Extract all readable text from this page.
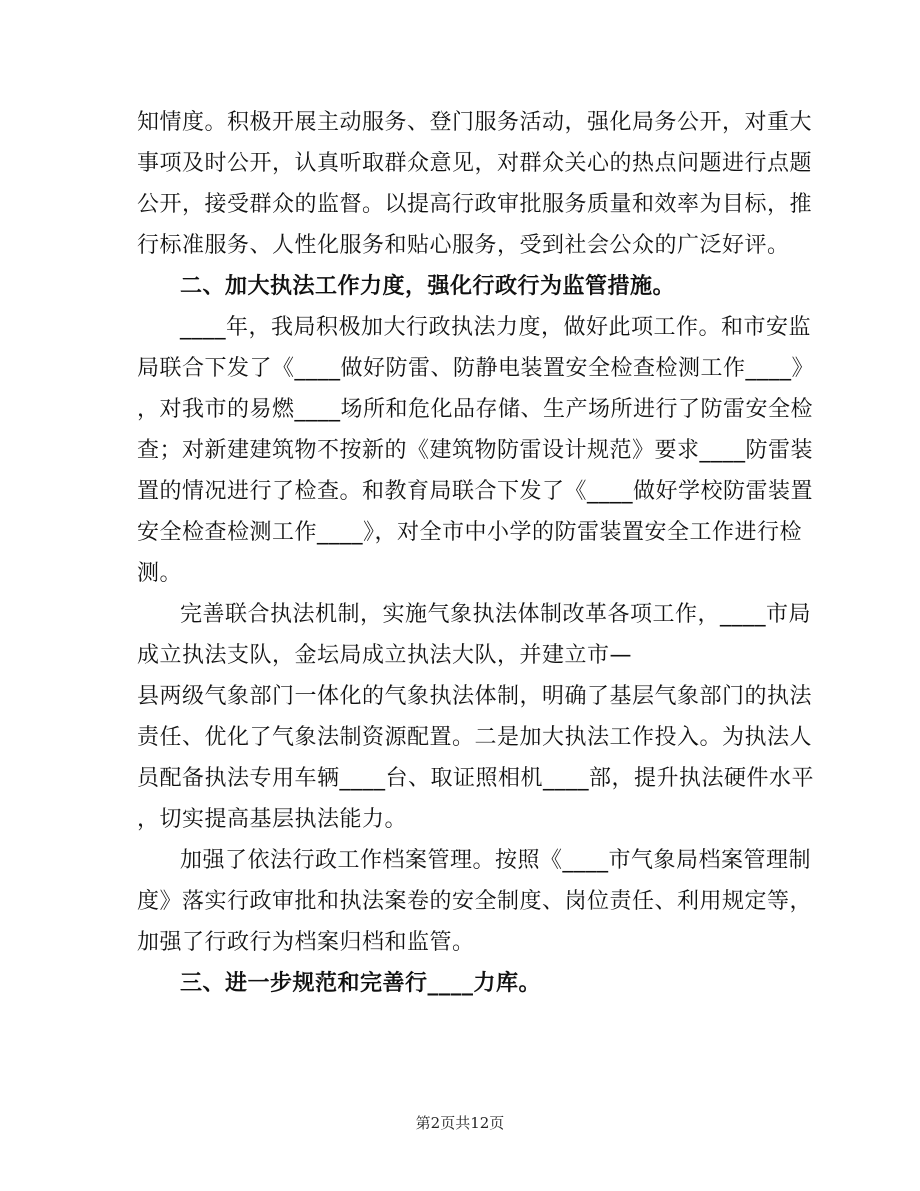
知情度。积极开展主动服务、登门服务活动，强化局务公开，对重大
事项及时公开，认真听取群众意见，对群众关心的热点问题进行点题
公开，接受群众的监督。以提高行政审批服务质量和效率为目标，推
行标准服务、人性化服务和贴心服务，受到社会公众的广泛好评。
二、加大执法工作力度，强化行政行为监管措施。
____年，我局积极加大行政执法力度，做好此项工作。和市安监
局联合下发了《____做好防雷、防静电装置安全检查检测工作____》
，对我市的易燃____场所和危化品存储、生产场所进行了防雷安全检
查；对新建建筑物不按新的《建筑物防雷设计规范》要求____防雷装
置的情况进行了检查。和教育局联合下发了《____做好学校防雷装置
安全检查检测工作____》，对全市中小学的防雷装置安全工作进行检
测。
完善联合执法机制，实施气象执法体制改革各项工作，____市局
成立执法支队，金坛局成立执法大队，并建立市—
县两级气象部门一体化的气象执法体制，明确了基层气象部门的执法
责任、优化了气象法制资源配置。二是加大执法工作投入。为执法人
员配备执法专用车辆____台、取证照相机____部，提升执法硬件水平
，切实提高基层执法能力。
加强了依法行政工作档案管理。按照《____市气象局档案管理制
度》落实行政审批和执法案卷的安全制度、岗位责任、利用规定等，
加强了行政行为档案归档和监管。
三、进一步规范和完善行____力库。
第2页共12页
